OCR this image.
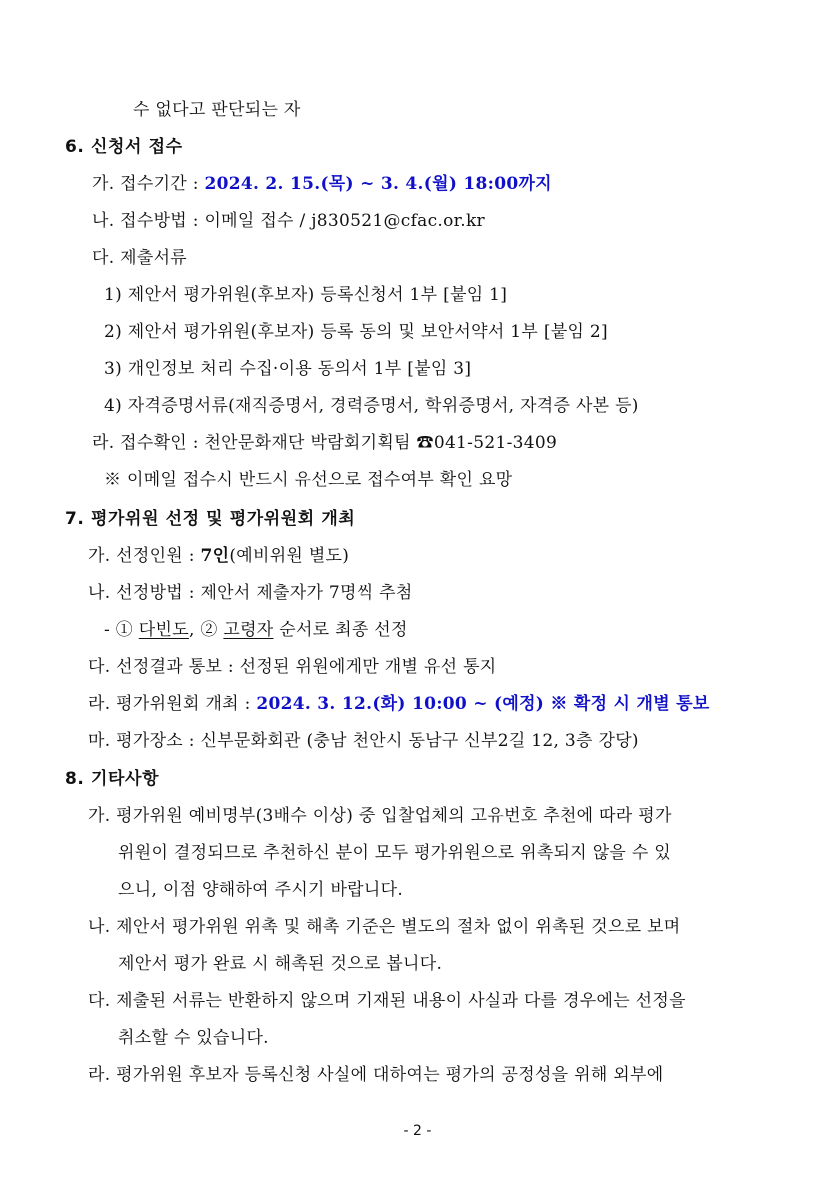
수 없다고 판단되는 자
6. 신청서 접수
가. 접수기간 : 2024. 2. 15.(목) ~ 3. 4.(월) 18:00까지
나. 접수방법 : 이메일 접수 / j830521@cfac.or.kr
다. 제출서류
1) 제안서 평가위원(후보자) 등록신청서 1부 [붙임 1]
2) 제안서 평가위원(후보자) 등록 동의 및 보안서약서 1부 [붙임 2]
3) 개인정보 처리 수집·이용 동의서 1부 [붙임 3]
4) 자격증명서류(재직증명서, 경력증명서, 학위증명서, 자격증 사본 등)
라. 접수확인 : 천안문화재단 박람회기획팀 ☎041-521-3409
※ 이메일 접수시 반드시 유선으로 접수여부 확인 요망
7. 평가위원 선정 및 평가위원회 개최
가. 선정인원 : 7인(예비위원 별도)
나. 선정방법 : 제안서 제출자가 7명씩 추첨
- ① 다빈도, ② 고령자 순서로 최종 선정
다. 선정결과 통보 : 선정된 위원에게만 개별 유선 통지
라. 평가위원회 개최 : 2024. 3. 12.(화) 10:00 ~ (예정) ※ 확정 시 개별 통보
마. 평가장소 : 신부문화회관 (충남 천안시 동남구 신부2길 12, 3층 강당)
8. 기타사항
가. 평가위원 예비명부(3배수 이상) 중 입찰업체의 고유번호 추천에 따라 평가
위원이 결정되므로 추천하신 분이 모두 평가위원으로 위촉되지 않을 수 있
으니, 이점 양해하여 주시기 바랍니다.
나. 제안서 평가위원 위촉 및 해촉 기준은 별도의 절차 없이 위촉된 것으로 보며
제안서 평가 완료 시 해촉된 것으로 봅니다.
다. 제출된 서류는 반환하지 않으며 기재된 내용이 사실과 다를 경우에는 선정을
취소할 수 있습니다.
라. 평가위원 후보자 등록신청 사실에 대하여는 평가의 공정성을 위해 외부에
- 2 -
